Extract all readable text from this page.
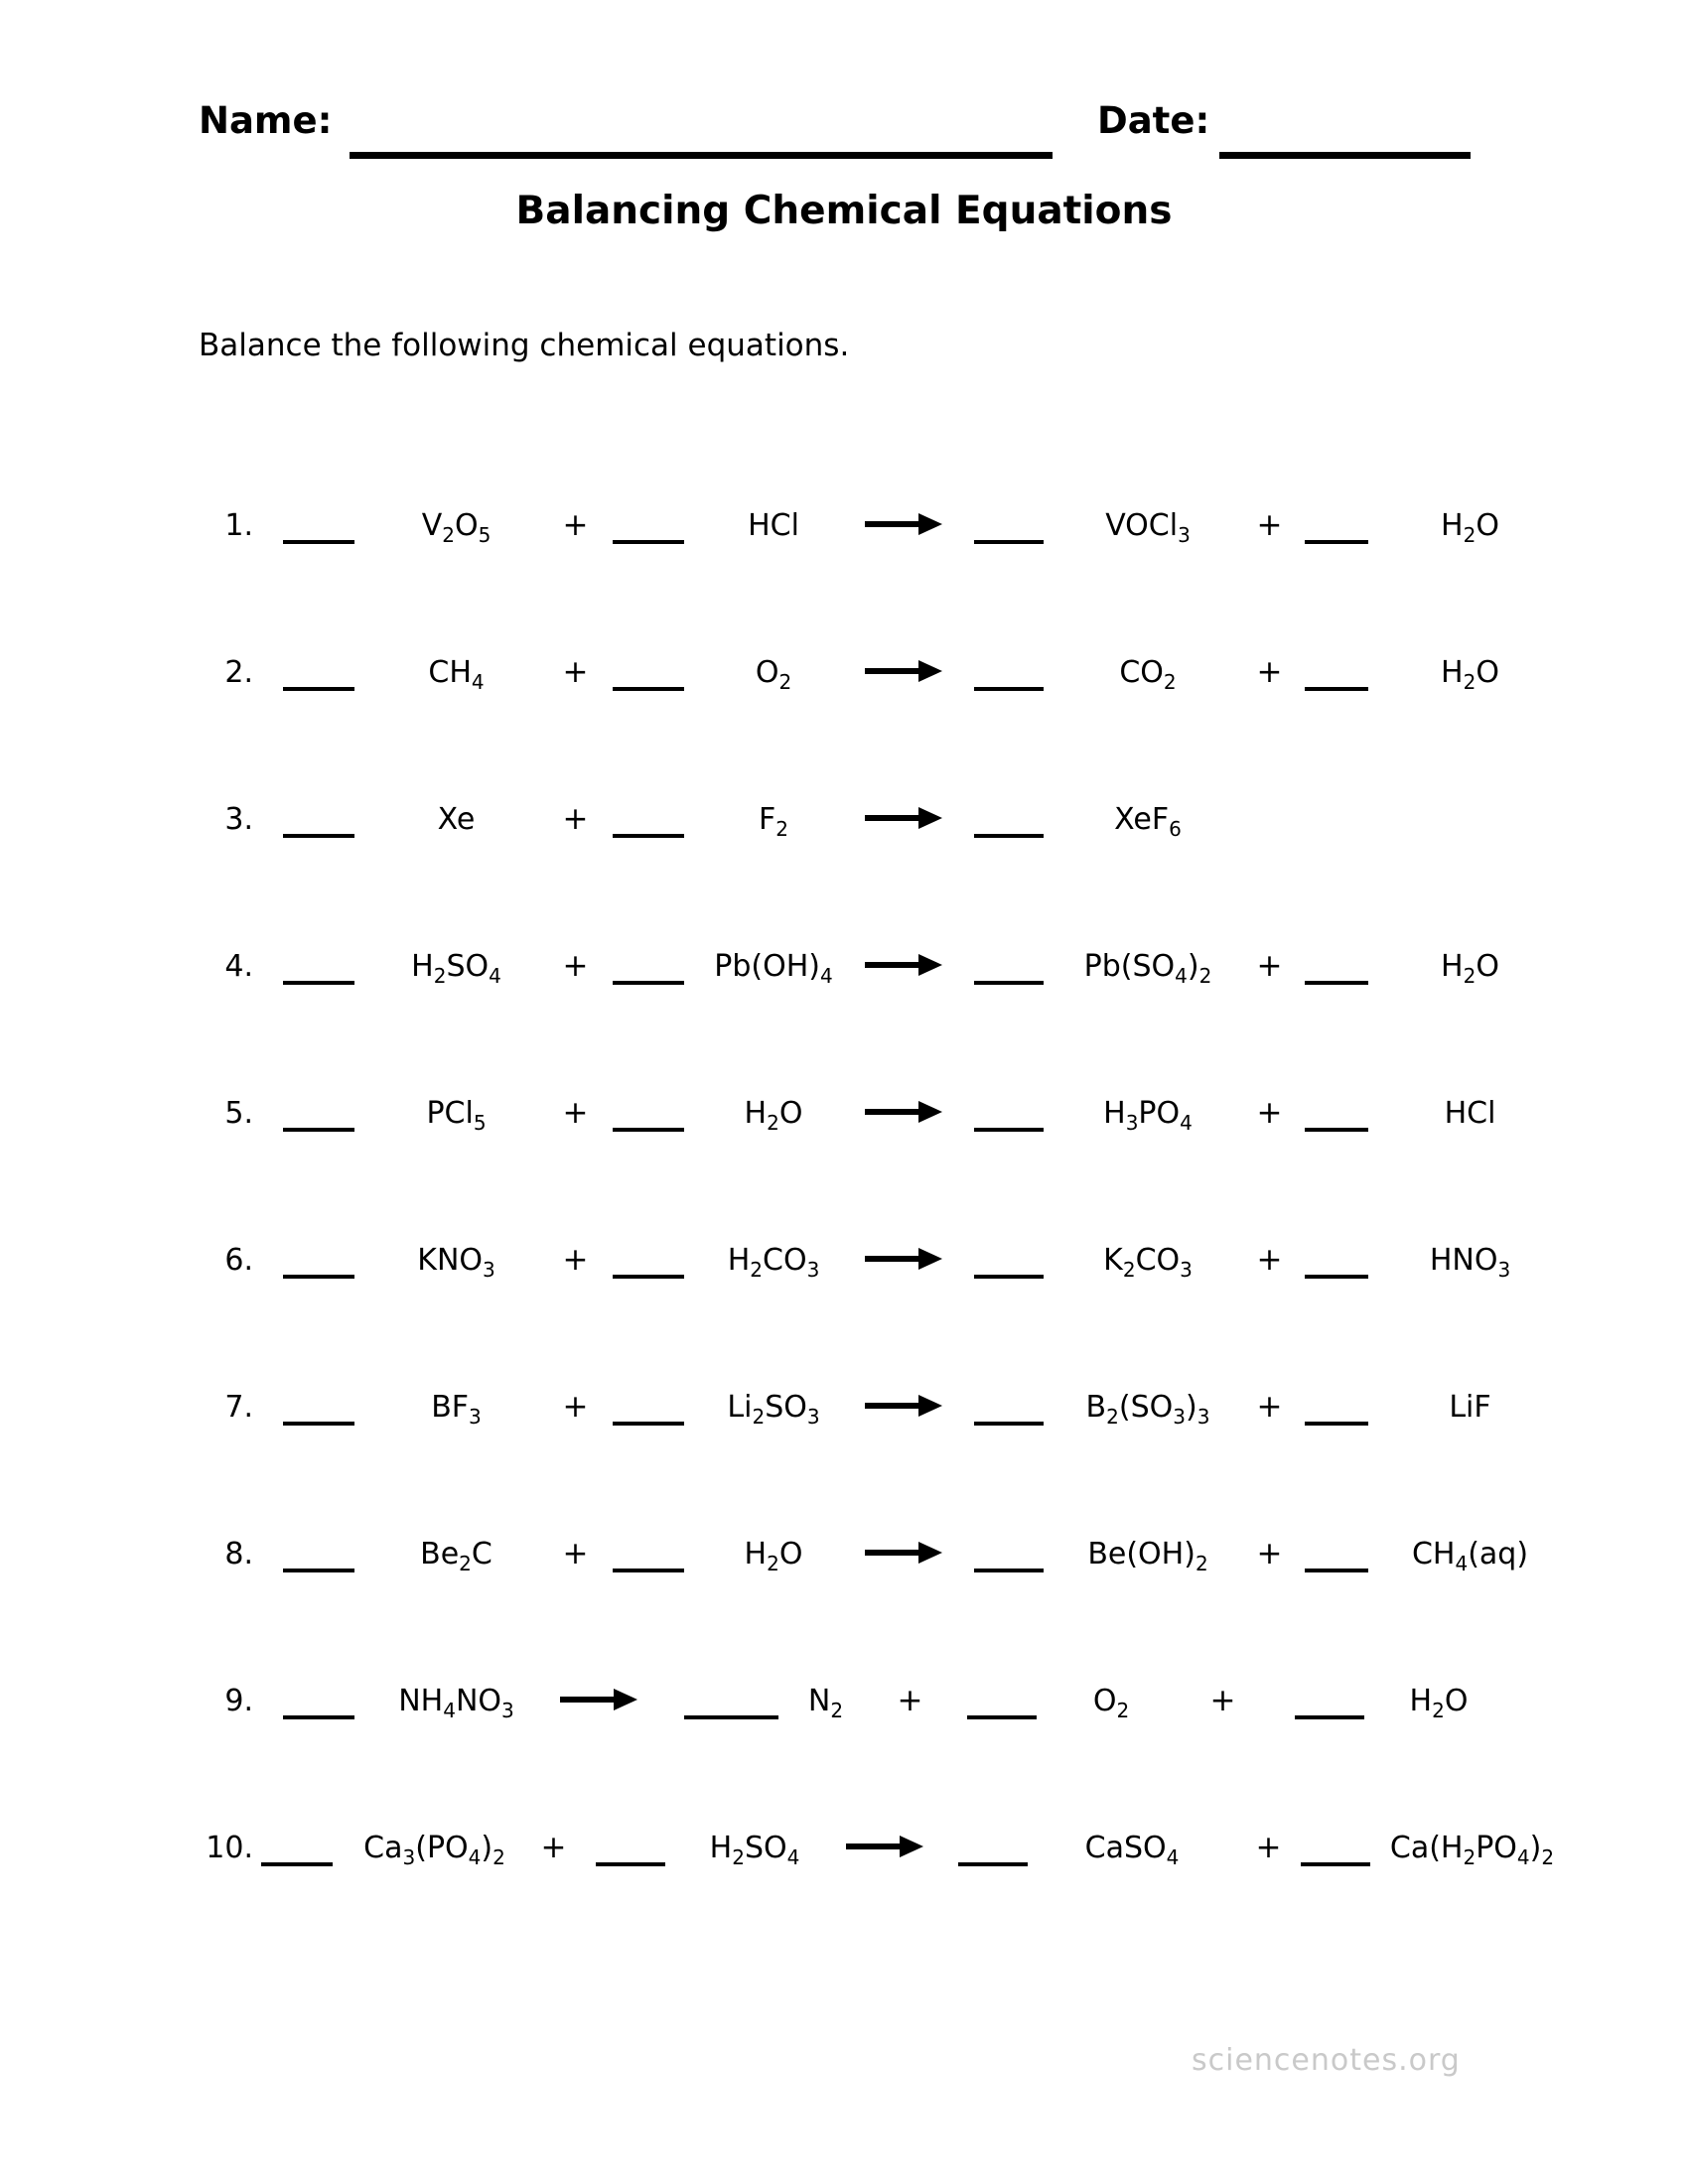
Name:	Date:
Balancing Chemical Equations
Balance the following chemical equations.
1.	$V_2O_5$	+	HCl	VOCl$_3$	+	$H_2O$
2.	$CH_4$	+	$O_2$	$CO_2$	+	$H_2O$
3.	Xe	+	$F_2$	XeF$_6$
4.	$H_2SO_4$	+	$Pb(OH)_4$	→	$Pb(SO_4)_2$	+	$H_2O$
5.	PCl$_5$	+	$H_2O$	$H_3PO_4$	+	HCl
6.	$KNO_3$	+	$H_2CO_3$	→	$K_2CO_3$	+	$HNO_3$
7.	$BF_3$	+	$Li_2SO_3$	→	$B_2(SO_3)_3$	+	LiF
8.	$Be_2C$	+	$H_2O$	$Be(OH)_2$	+	$CH_4(aq)$
9.	$NH_4NO_3$	→	$N_2$	+	$O_2$	+	$H_2O$
10.	$Ca_3(PO_4)_2$	+	$H_2SO_4$	→	CaSO$_4$	+	$Ca(H_2PO_4)_2$
sciencenotes.org
